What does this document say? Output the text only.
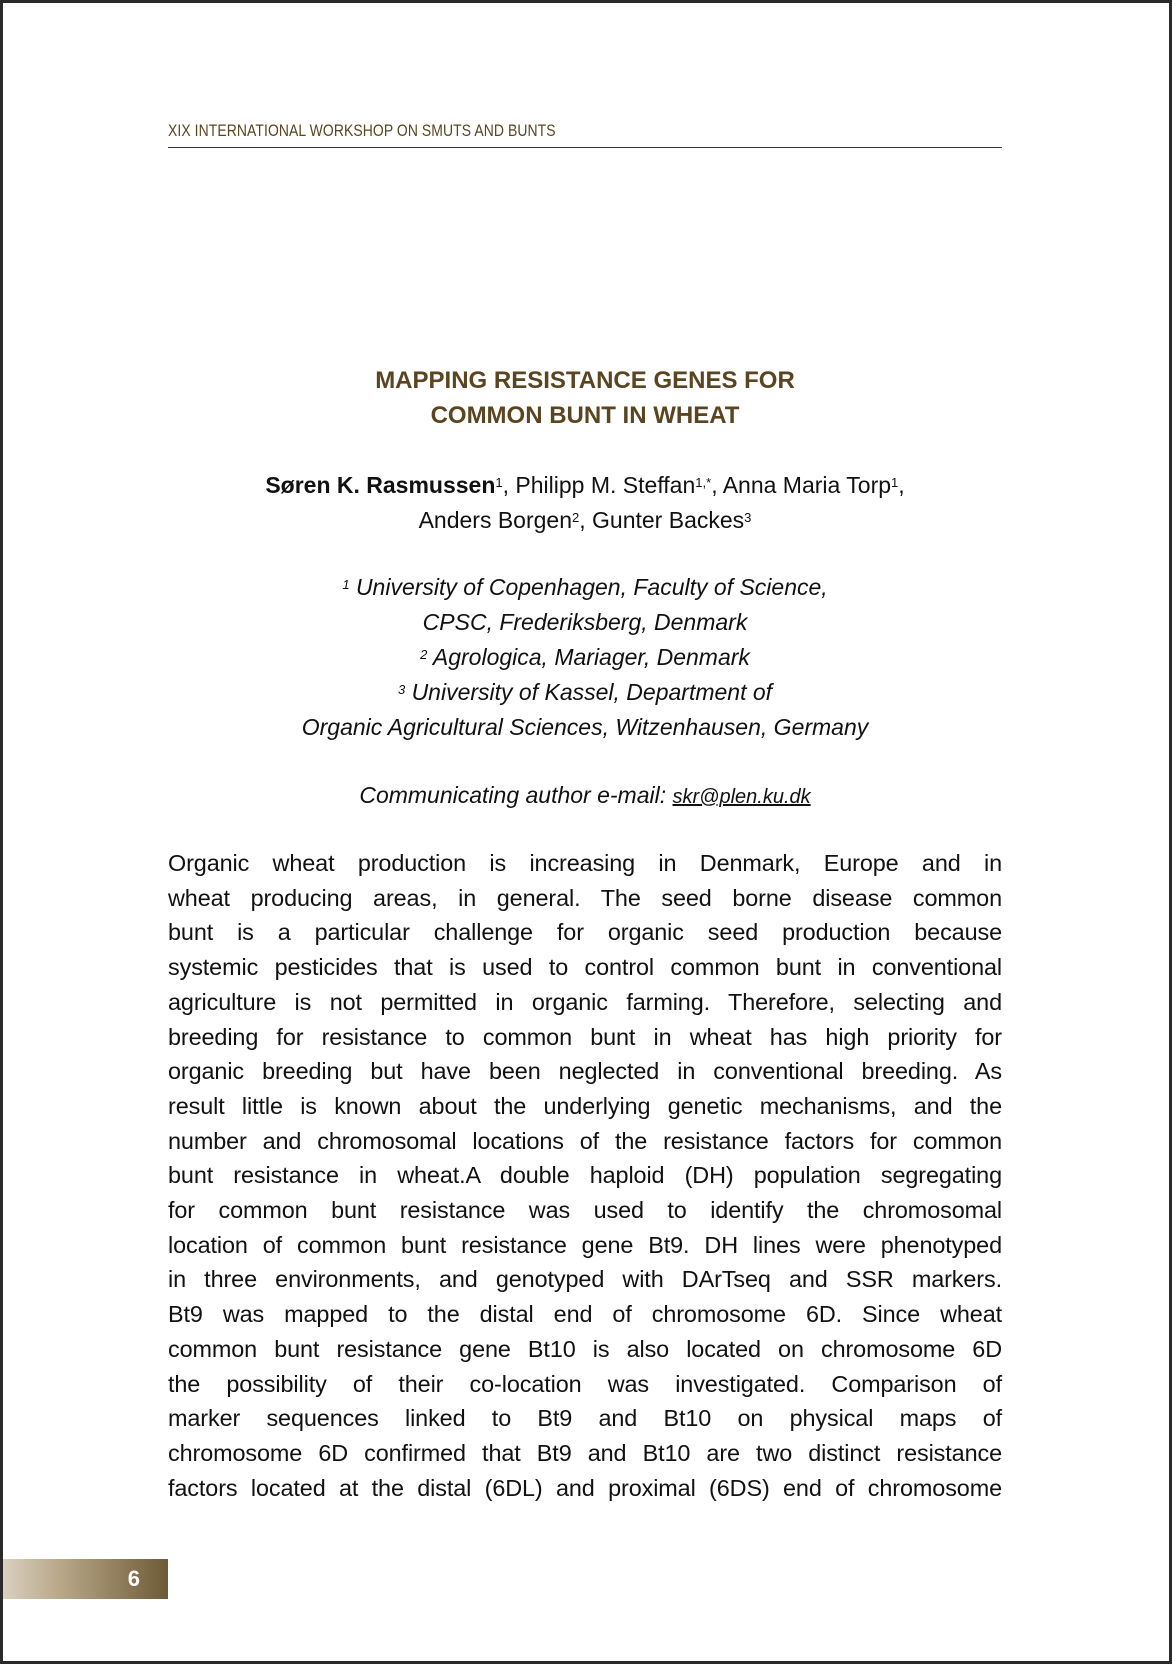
XIX INTERNATIONAL WORKSHOP ON SMUTS AND BUNTS
MAPPING RESISTANCE GENES FOR
COMMON BUNT IN WHEAT
Søren K. Rasmussen$^1$, Philipp M. Steffan$^{1,*}$, Anna Maria Torp$^1$,
Anders Borgen$^2$, Gunter Backes$^3$
$^1$ University of Copenhagen, Faculty of Science,
CPSC, Frederiksberg, Denmark
$^2$ Agrologica, Mariager, Denmark
$^3$ University of Kassel, Department of
Organic Agricultural Sciences, Witzenhausen, Germany
Communicating author e-mail: skr@plen.ku.dk
Organic wheat production is increasing in Denmark, Europe and in
wheat producing areas, in general. The seed borne disease common
bunt is a particular challenge for organic seed production because
systemic pesticides that is used to control common bunt in conventional
agriculture is not permitted in organic farming. Therefore, selecting and
breeding for resistance to common bunt in wheat has high priority for
organic breeding but have been neglected in conventional breeding. As
result little is known about the underlying genetic mechanisms, and the
number and chromosomal locations of the resistance factors for common
bunt resistance in wheat.A double haploid (DH) population segregating
for common bunt resistance was used to identify the chromosomal
location of common bunt resistance gene Bt9. DH lines were phenotyped
in three environments, and genotyped with DArTseq and SSR markers.
Bt9 was mapped to the distal end of chromosome 6D. Since wheat
common bunt resistance gene Bt10 is also located on chromosome 6D
the possibility of their co-location was investigated. Comparison of
marker sequences linked to Bt9 and Bt10 on physical maps of
chromosome 6D confirmed that Bt9 and Bt10 are two distinct resistance
factors located at the distal (6DL) and proximal (6DS) end of chromosome
6
